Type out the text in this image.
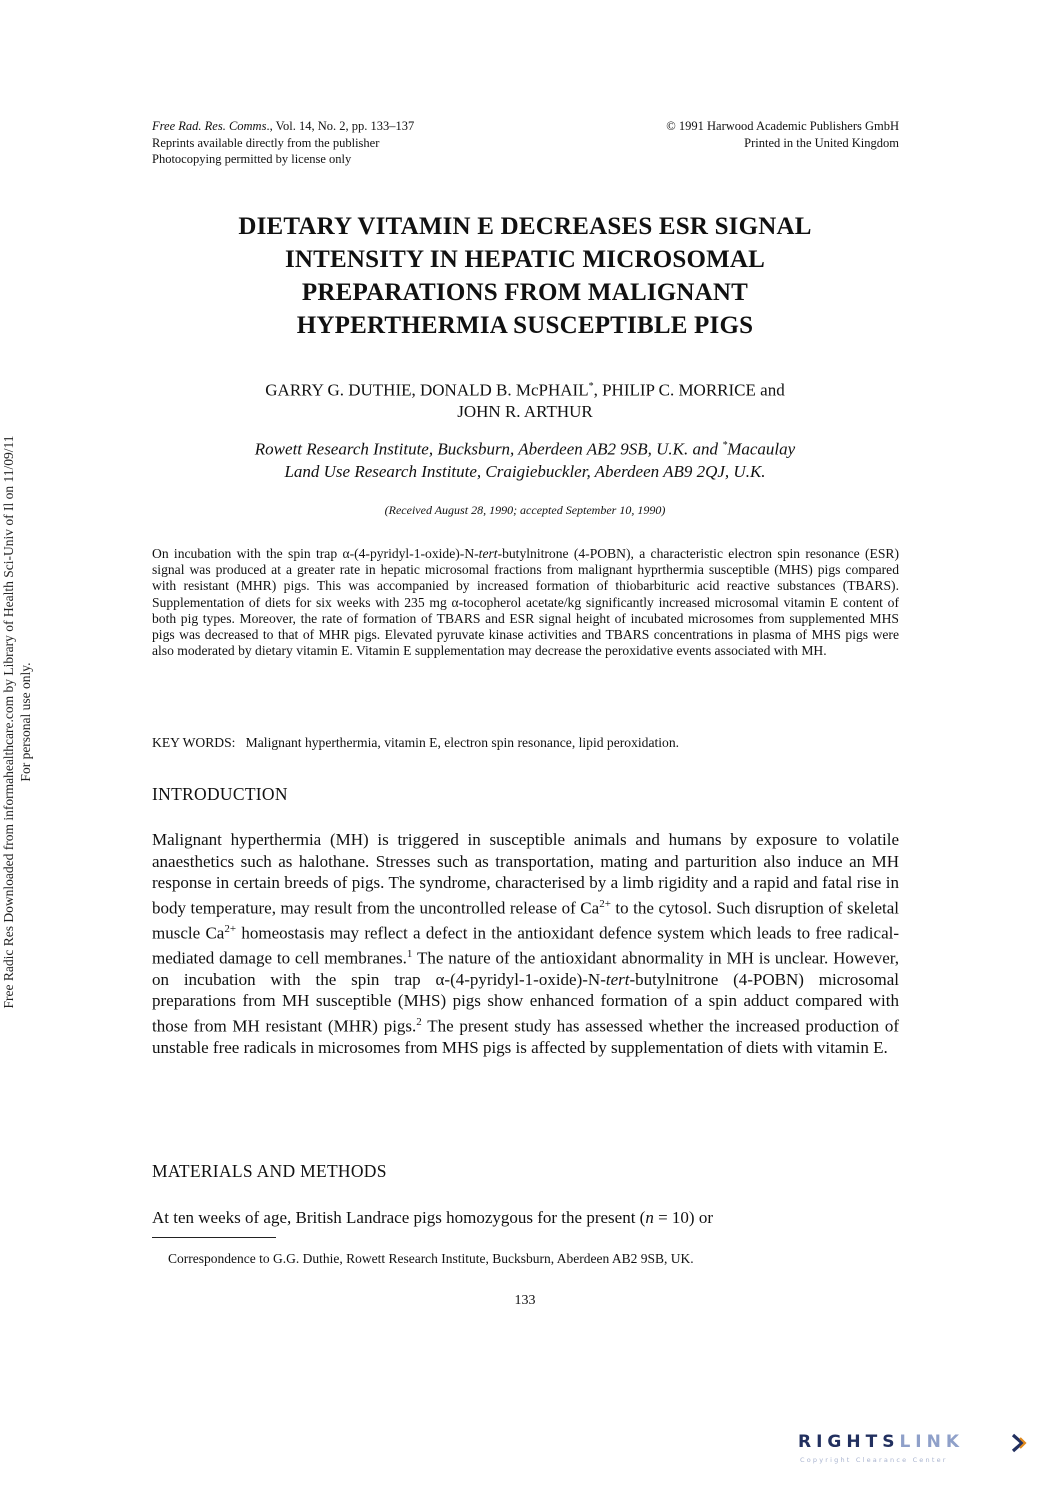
Free Rad. Res. Comms., Vol. 14, No. 2, pp. 133–137
Reprints available directly from the publisher
Photocopying permitted by license only
© 1991 Harwood Academic Publishers GmbH
Printed in the United Kingdom
Free Radic Res Downloaded from informahealthcare.com by Library of Health Sci-Univ of Il on 11/09/11 For personal use only.
DIETARY VITAMIN E DECREASES ESR SIGNAL
INTENSITY IN HEPATIC MICROSOMAL
PREPARATIONS FROM MALIGNANT
HYPERTHERMIA SUSCEPTIBLE PIGS
GARRY G. DUTHIE, DONALD B. McPHAIL*, PHILIP C. MORRICE and
JOHN R. ARTHUR
Rowett Research Institute, Bucksburn, Aberdeen AB2 9SB, U.K. and *Macaulay
Land Use Research Institute, Craigiebuckler, Aberdeen AB9 2QJ, U.K.
(Received August 28, 1990; accepted September 10, 1990)
On incubation with the spin trap α-(4-pyridyl-1-oxide)-N-tert-butylnitrone (4-POBN), a characteristic electron spin resonance (ESR) signal was produced at a greater rate in hepatic microsomal fractions from malignant hyprthermia susceptible (MHS) pigs compared with resistant (MHR) pigs. This was accompanied by increased formation of thiobarbituric acid reactive substances (TBARS). Supplementation of diets for six weeks with 235 mg α-tocopherol acetate/kg significantly increased microsomal vitamin E content of both pig types. Moreover, the rate of formation of TBARS and ESR signal height of incubated microsomes from supplemented MHS pigs was decreased to that of MHR pigs. Elevated pyruvate kinase activities and TBARS concentrations in plasma of MHS pigs were also moderated by dietary vitamin E. Vitamin E supplementation may decrease the peroxidative events associated with MH.
KEY WORDS: Malignant hyperthermia, vitamin E, electron spin resonance, lipid peroxidation.
INTRODUCTION
Malignant hyperthermia (MH) is triggered in susceptible animals and humans by exposure to volatile anaesthetics such as halothane. Stresses such as transportation, mating and parturition also induce an MH response in certain breeds of pigs. The syndrome, characterised by a limb rigidity and a rapid and fatal rise in body temperature, may result from the uncontrolled release of $Ca^{2+}$ to the cytosol. Such disruption of skeletal muscle $Ca^{2+}$ homeostasis may reflect a defect in the antioxidant defence system which leads to free radical-mediated damage to cell membranes.$^1$ The nature of the antioxidant abnormality in MH is unclear. However, on incubation with the spin trap α-(4-pyridyl-1-oxide)-N-tert-butylnitrone (4-POBN) microsomal preparations from MH susceptible (MHS) pigs show enhanced formation of a spin adduct compared with those from MH resistant (MHR) pigs.$^2$ The present study has assessed whether the increased production of unstable free radicals in microsomes from MHS pigs is affected by supplementation of diets with vitamin E.
MATERIALS AND METHODS
At ten weeks of age, British Landrace pigs homozygous for the present (n = 10) or
Correspondence to G.G. Duthie, Rowett Research Institute, Bucksburn, Aberdeen AB2 9SB, UK.
133
RIGHTSLINK
Copyright Clearance Center
